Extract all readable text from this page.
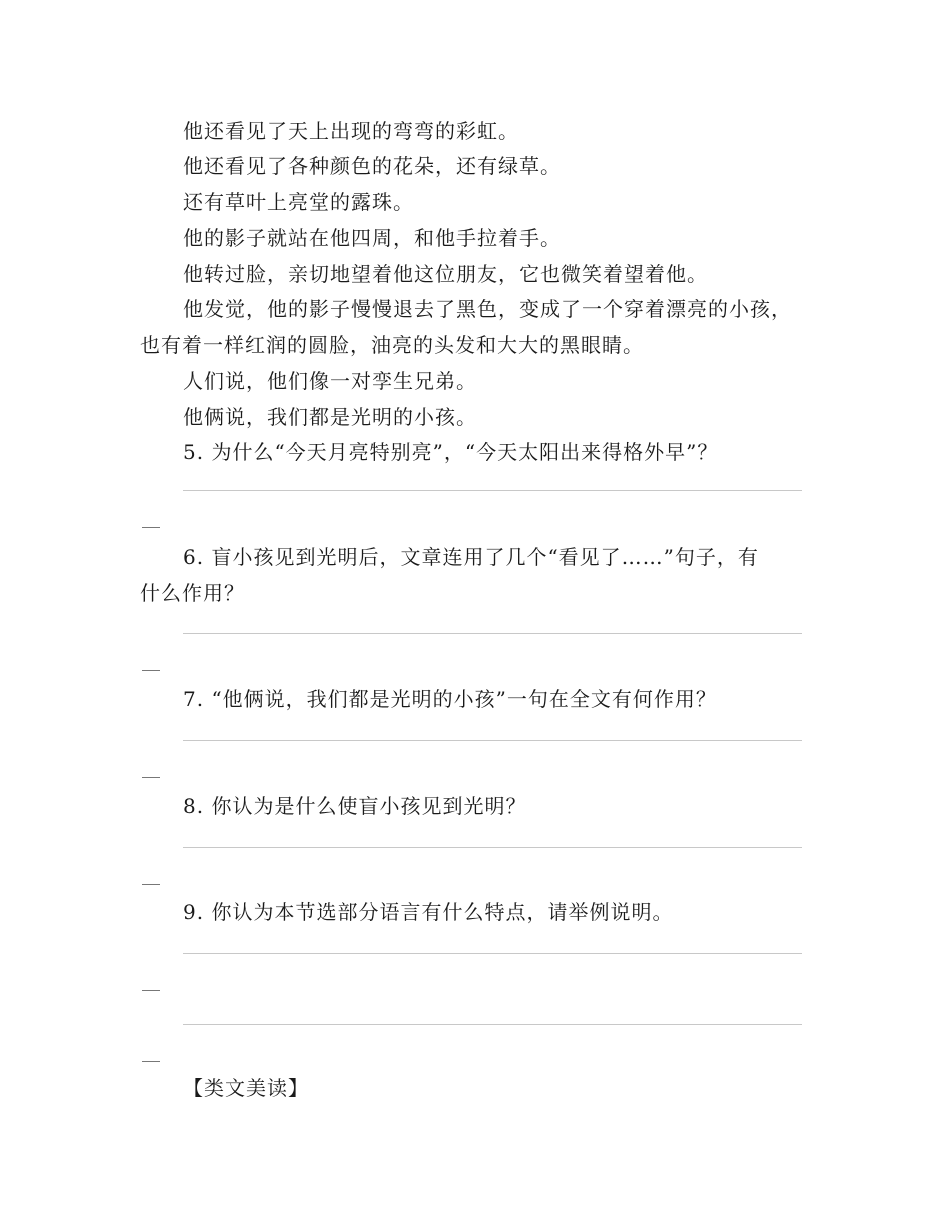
他还看见了天上出现的弯弯的彩虹。
他还看见了各种颜色的花朵，还有绿草。
还有草叶上亮堂的露珠。
他的影子就站在他四周，和他手拉着手。
他转过脸，亲切地望着他这位朋友，它也微笑着望着他。
他发觉，他的影子慢慢退去了黑色，变成了一个穿着漂亮的小孩，
也有着一样红润的圆脸，油亮的头发和大大的黑眼睛。
人们说，他们像一对孪生兄弟。
他俩说，我们都是光明的小孩。
5. 为什么“今天月亮特别亮”，“今天太阳出来得格外早”？
6. 盲小孩见到光明后，文章连用了几个“看见了……”句子，有
什么作用？
7. “他俩说，我们都是光明的小孩”一句在全文有何作用？
8. 你认为是什么使盲小孩见到光明？
9. 你认为本节选部分语言有什么特点，请举例说明。
【类文美读】
